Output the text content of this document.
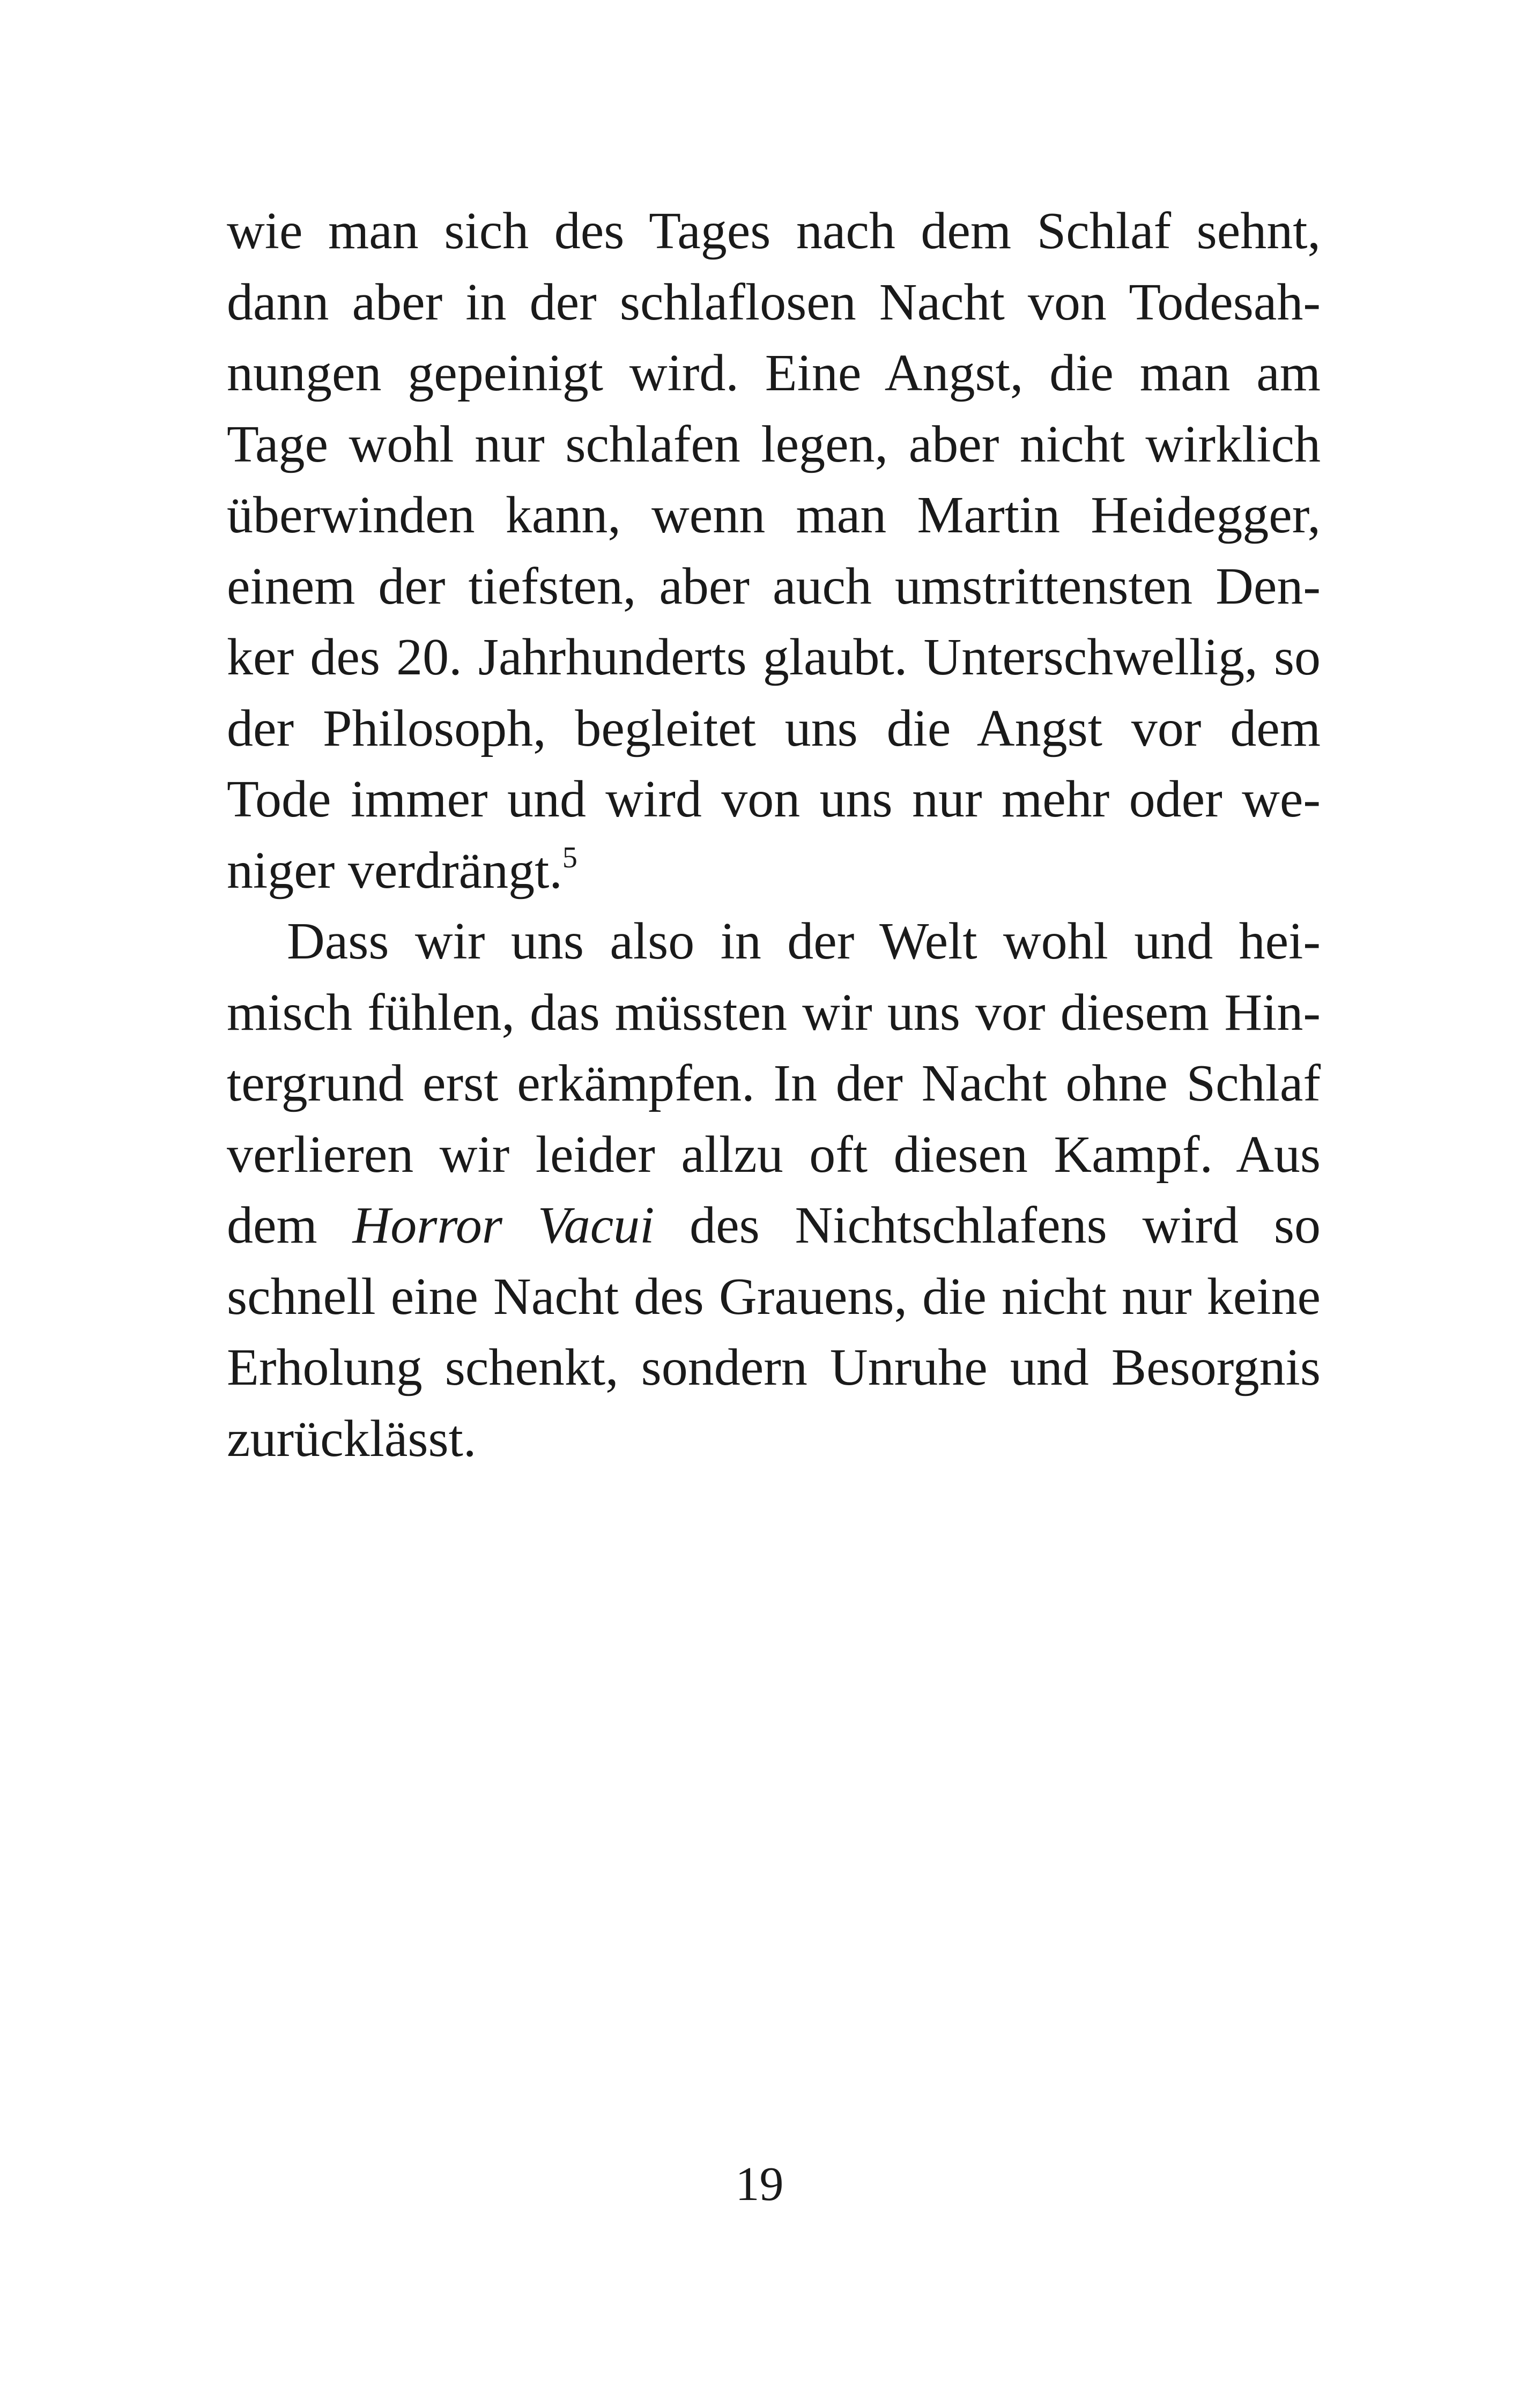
wie man sich des Tages nach dem Schlaf sehnt,
dann aber in der schlaflosen Nacht von Todesah-
nungen gepeinigt wird. Eine Angst, die man am
Tage wohl nur schlafen legen, aber nicht wirklich
überwinden kann, wenn man Martin Heidegger,
einem der tiefsten, aber auch umstrittensten Den-
ker des 20. Jahrhunderts glaubt. Unterschwellig, so
der Philosoph, begleitet uns die Angst vor dem
Tode immer und wird von uns nur mehr oder we-
niger verdrängt.$^5$
Dass wir uns also in der Welt wohl und hei-
misch fühlen, das müssten wir uns vor diesem Hin-
tergrund erst erkämpfen. In der Nacht ohne Schlaf
verlieren wir leider allzu oft diesen Kampf. Aus
dem Horror Vacui des Nichtschlafens wird so
schnell eine Nacht des Grauens, die nicht nur keine
Erholung schenkt, sondern Unruhe und Besorgnis
zurücklässt.
19
